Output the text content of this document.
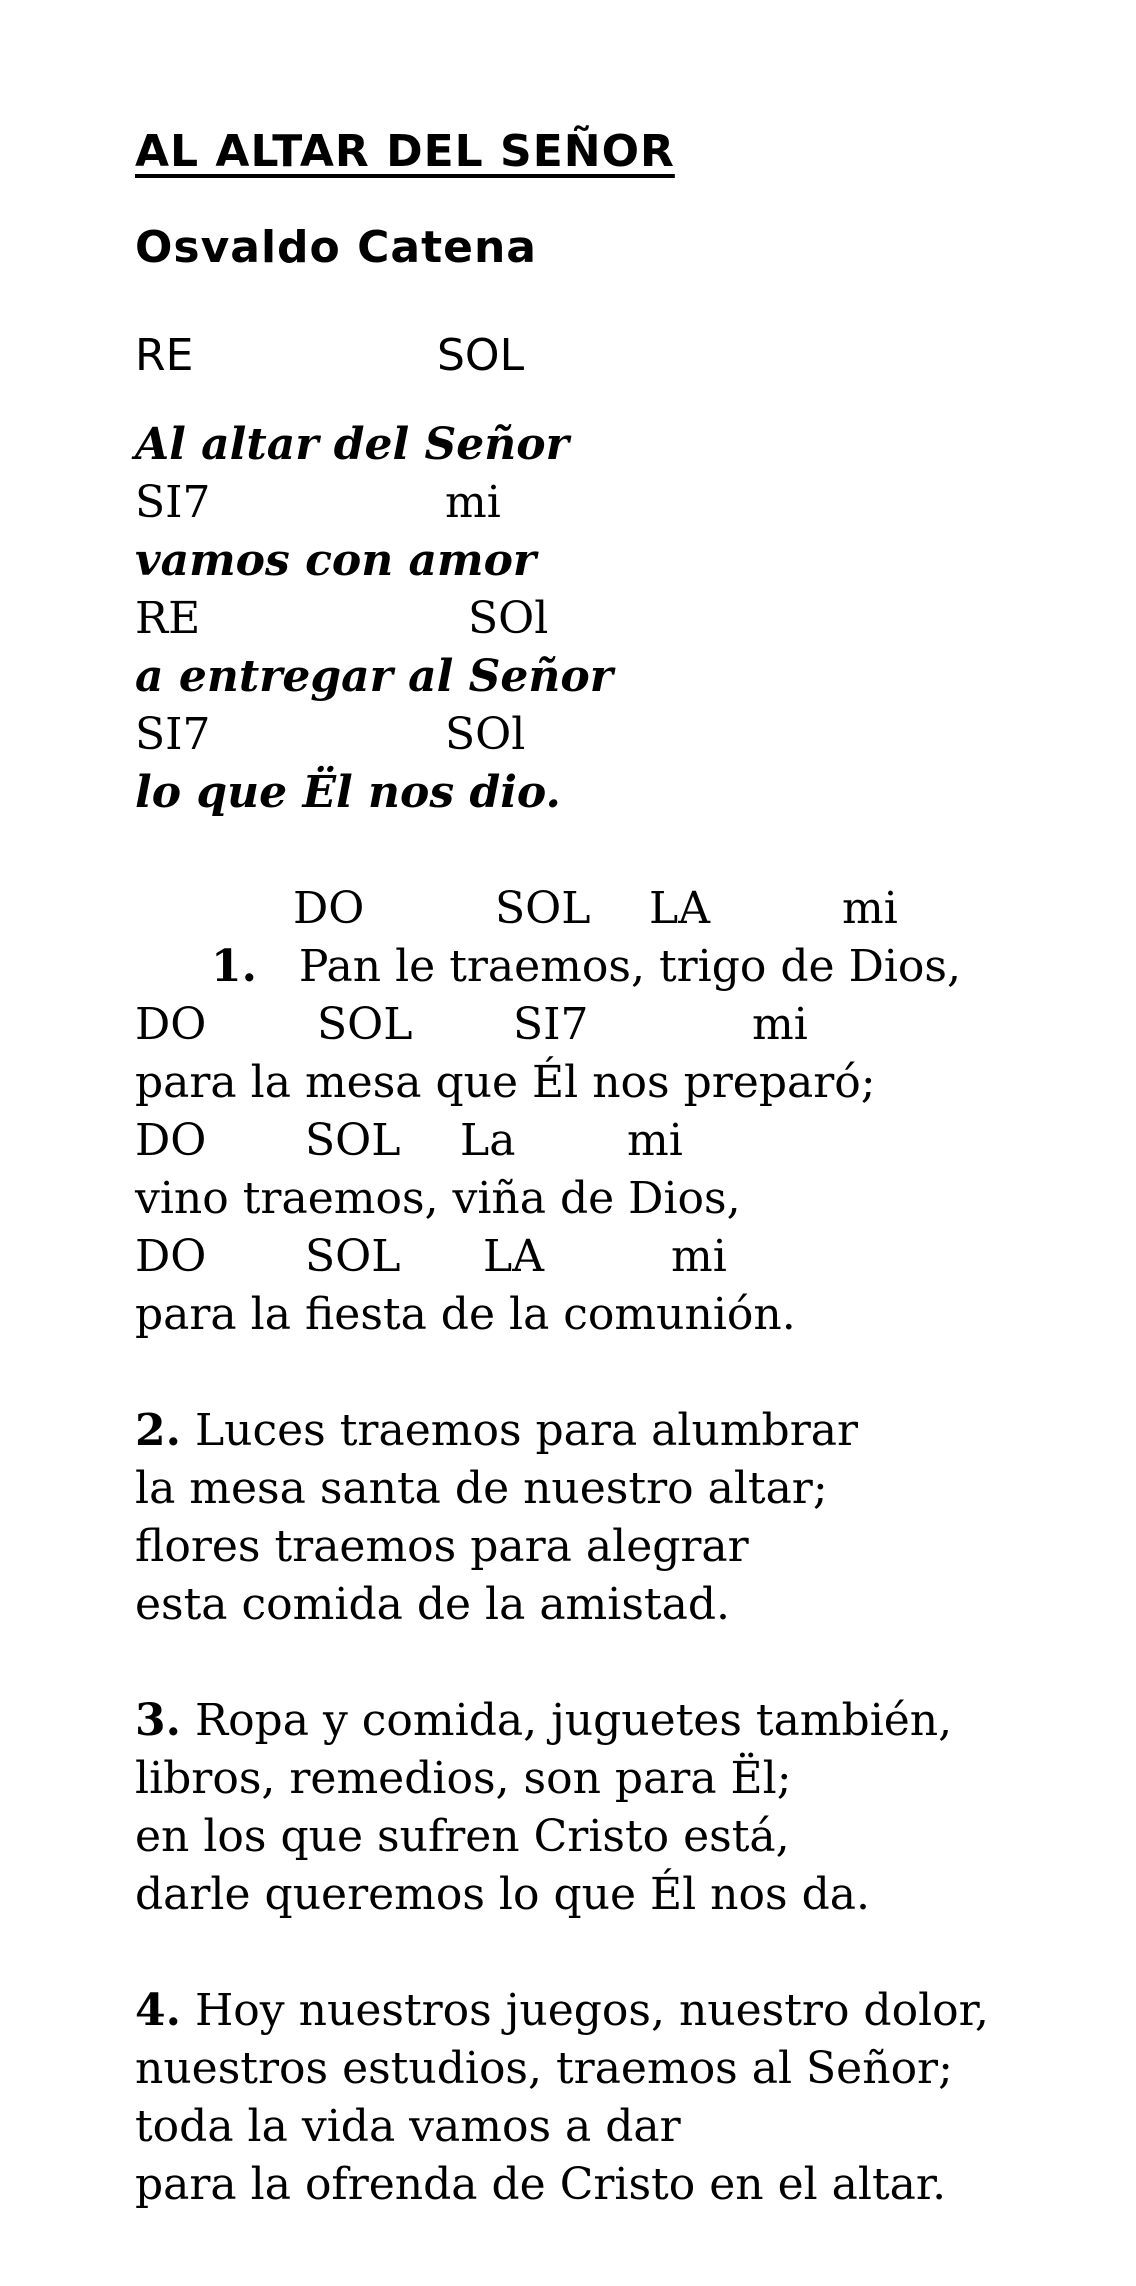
AL ALTAR DEL SEÑOR
Osvaldo Catena
RE	SOL
Al altar del Señor
SI7	mi
vamos con amor
RE	SOl
a entregar al Señor
SI7	SOl
lo que Ël nos dio.
DO	SOL LA	mi
1. Pan le traemos, trigo de Dios,
DO	SOL SI7	mi
para la mesa que Él nos preparó;
DO SOL La	mi
vino traemos, viña de Dios,
DO SOL LA	mi
para la fiesta de la comunión.
2. Luces traemos para alumbrar
la mesa santa de nuestro altar;
flores traemos para alegrar
esta comida de la amistad.
3. Ropa y comida, juguetes también,
libros, remedios, son para Ël;
en los que sufren Cristo está,
darle queremos lo que Él nos da.
4. Hoy nuestros juegos, nuestro dolor,
nuestros estudios, traemos al Señor;
toda la vida vamos a dar
para la ofrenda de Cristo en el altar.
